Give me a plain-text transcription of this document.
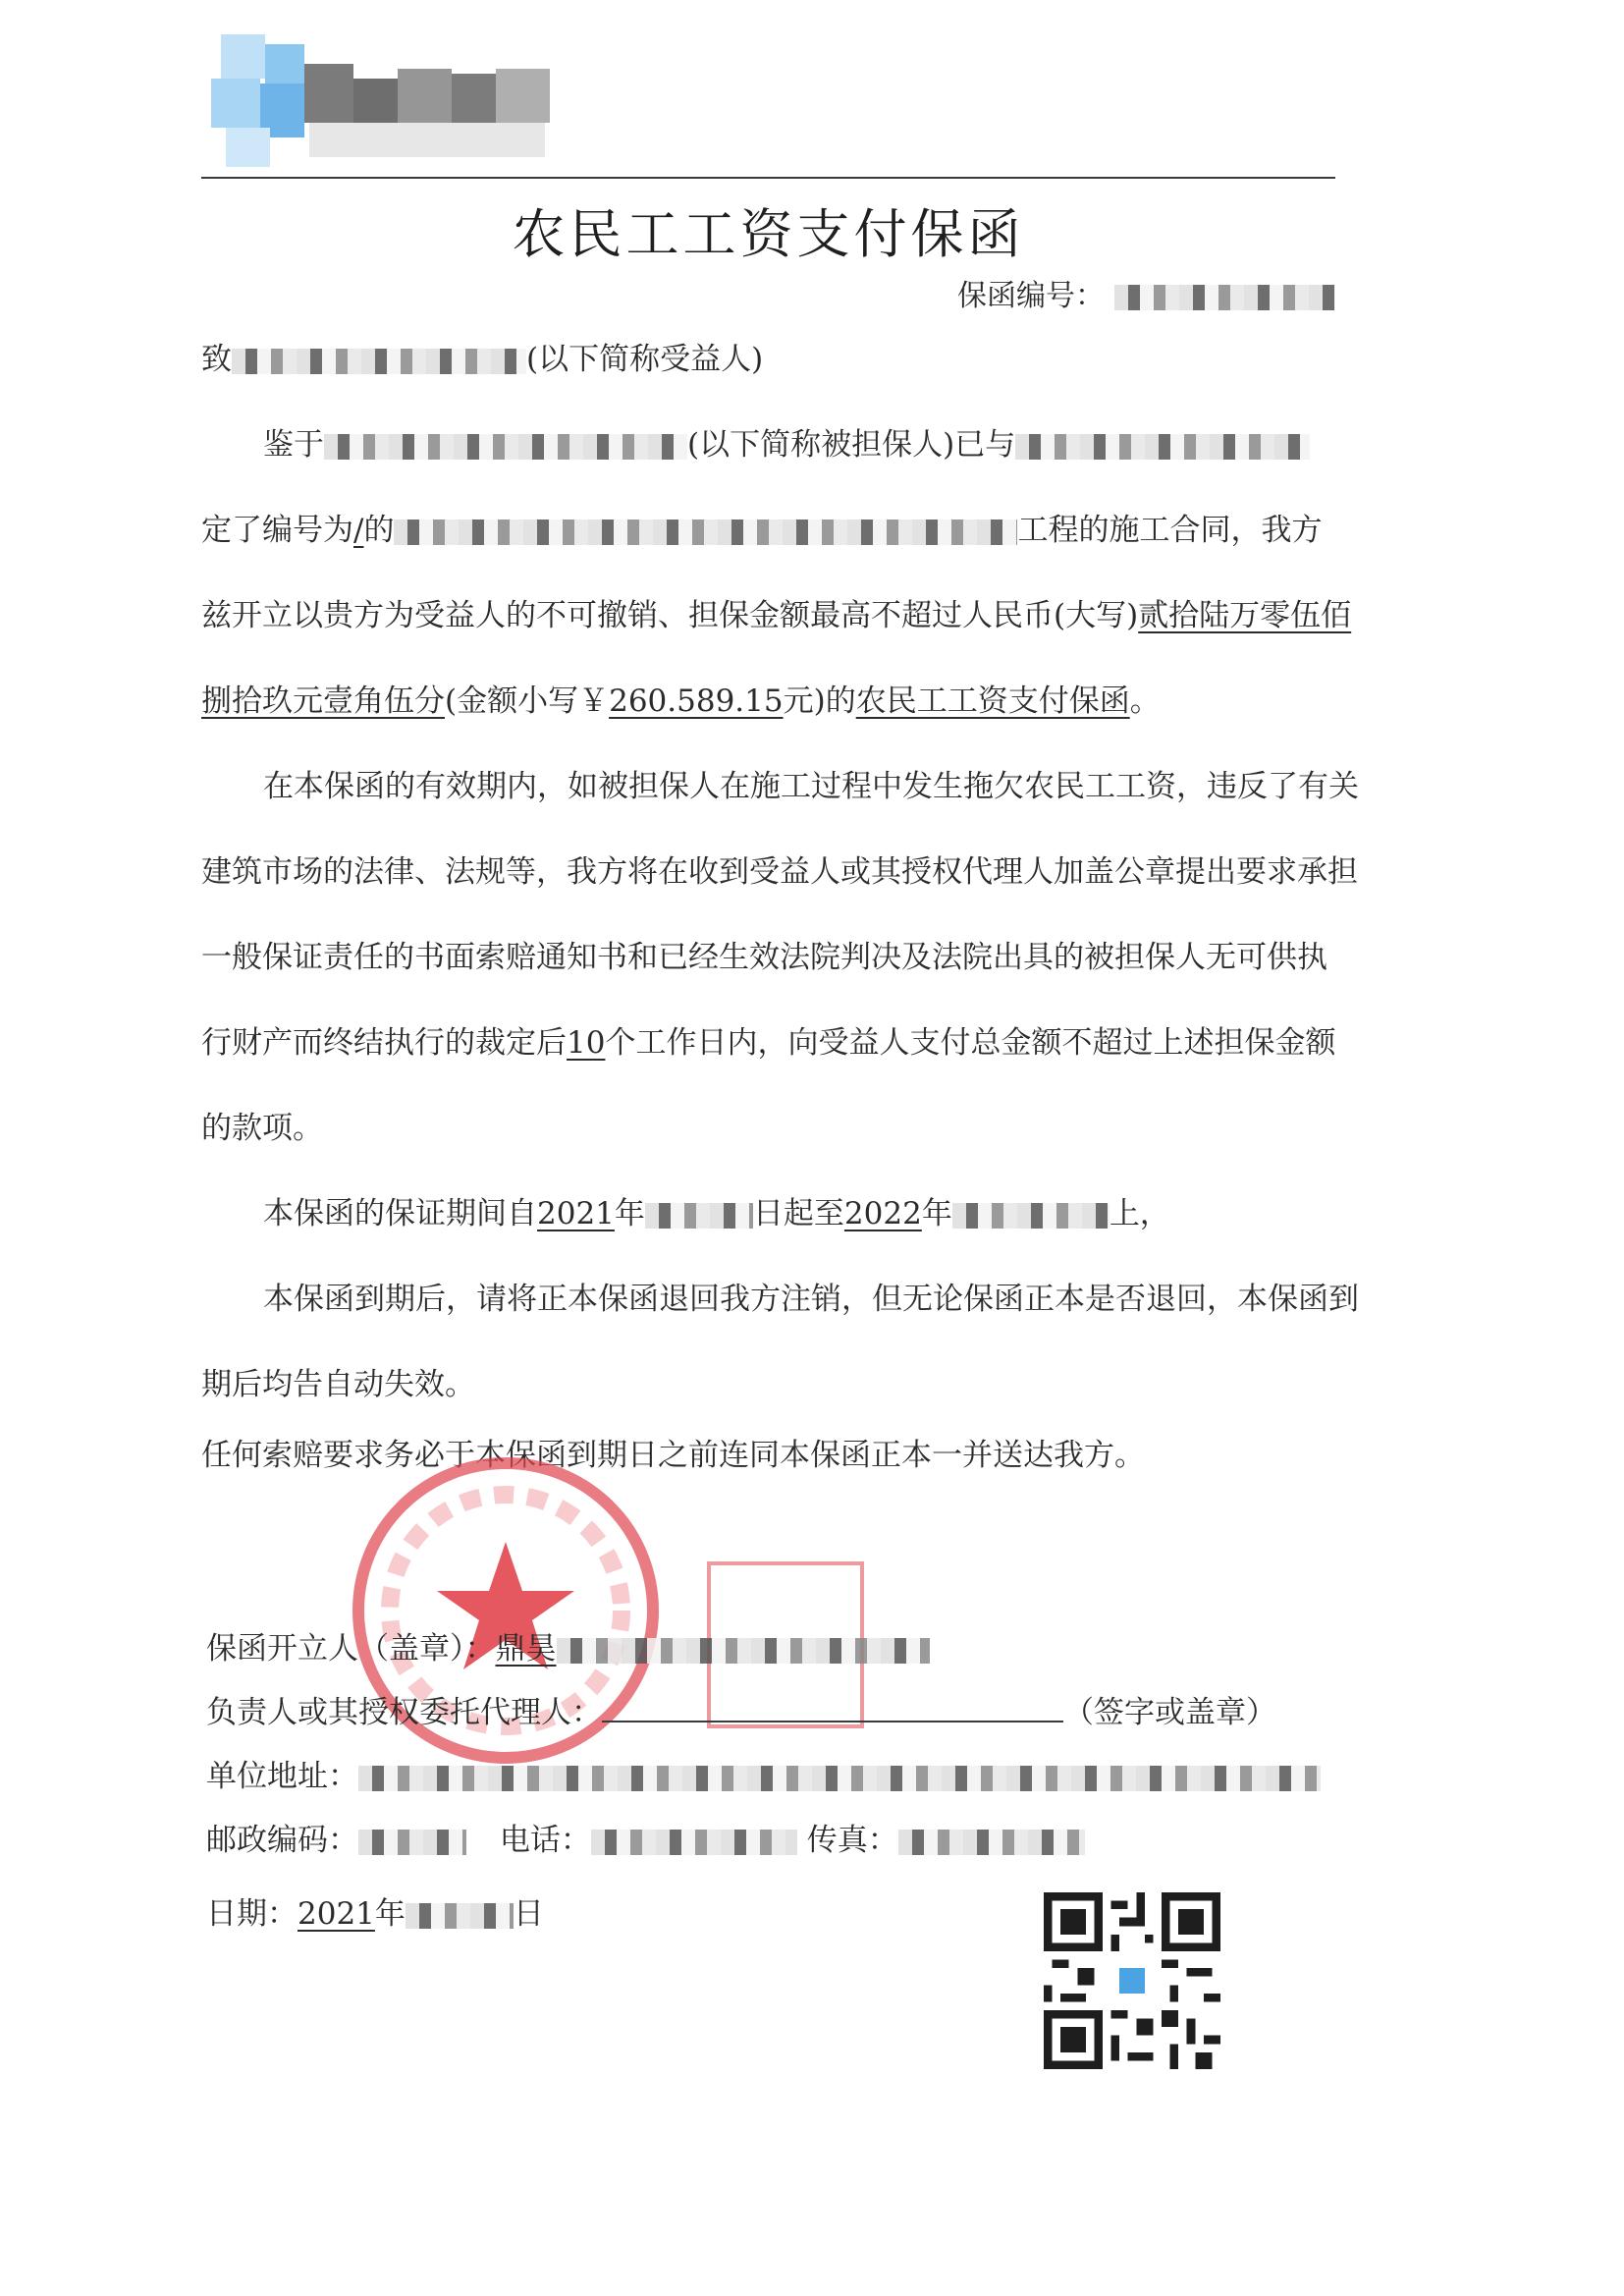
农民工工资支付保函
保函编号：
致	(以下简称受益人)
鉴于	(以下简称被担保人)已与
定了编号为/的	工程的施工合同，我方
兹开立以贵方为受益人的不可撤销、担保金额最高不超过人民币(大写)贰拾陆万零伍佰
捌拾玖元壹角伍分(金额小写￥260.589.15元)的农民工工资支付保函。
在本保函的有效期内，如被担保人在施工过程中发生拖欠农民工工资，违反了有关
建筑市场的法律、法规等，我方将在收到受益人或其授权代理人加盖公章提出要求承担
一般保证责任的书面索赔通知书和已经生效法院判决及法院出具的被担保人无可供执
行财产而终结执行的裁定后10个工作日内，向受益人支付总金额不超过上述担保金额
的款项。
本保函的保证期间自2021年	日起至2022年	上，
本保函到期后，请将正本保函退回我方注销，但无论保函正本是否退回，本保函到
期后均告自动失效。
任何索赔要求务必于本保函到期日之前连同本保函正本一并送达我方。
保函开立人（盖章）：鼎昊
负责人或其授权委托代理人：	（签字或盖章）
单位地址：
邮政编码：	电话：	传真：
日期：2021年	日
